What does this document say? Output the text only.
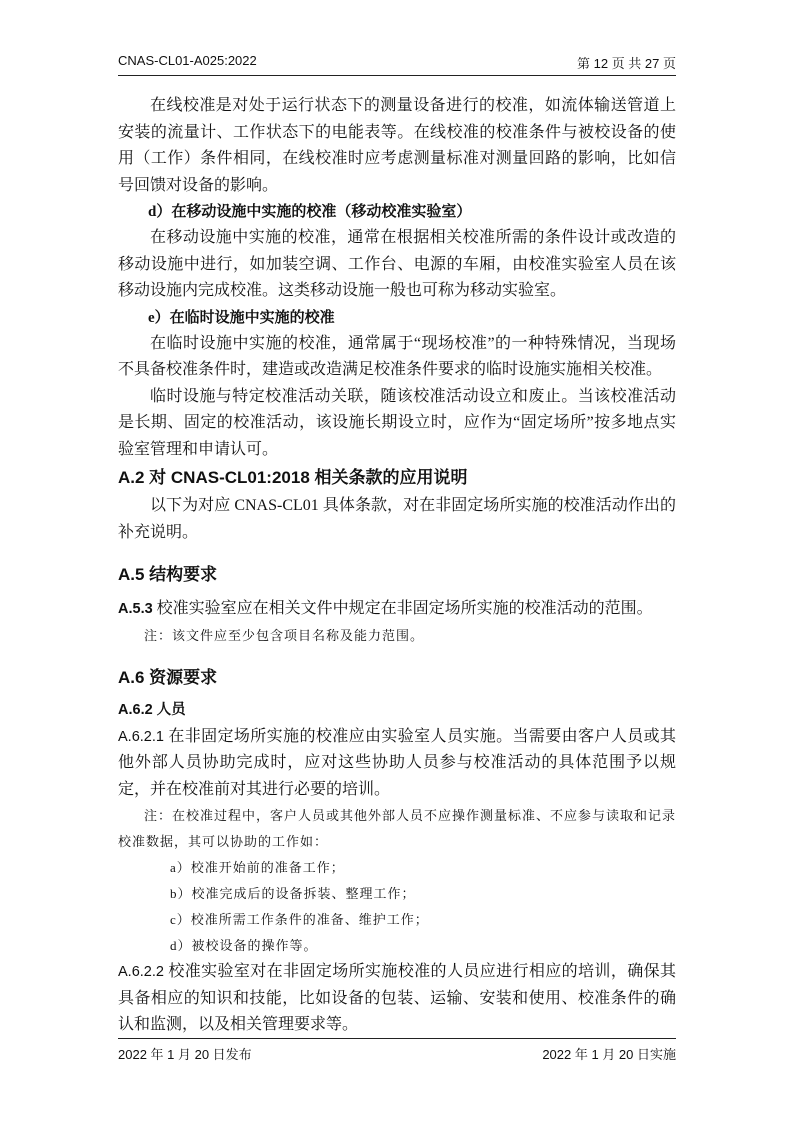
CNAS-CL01-A025:2022	第 12 页 共 27 页

在线校准是对处于运行状态下的测量设备进行的校准，如流体输送管道上安装的流量计、工作状态下的电能表等。在线校准的校准条件与被校设备的使用（工作）条件相同，在线校准时应考虑测量标准对测量回路的影响，比如信号回馈对设备的影响。

d）在移动设施中实施的校准（移动校准实验室）

在移动设施中实施的校准，通常在根据相关校准所需的条件设计或改造的移动设施中进行，如加装空调、工作台、电源的车厢，由校准实验室人员在该移动设施内完成校准。这类移动设施一般也可称为移动实验室。

e）在临时设施中实施的校准

在临时设施中实施的校准，通常属于“现场校准”的一种特殊情况，当现场不具备校准条件时，建造或改造满足校准条件要求的临时设施实施相关校准。

临时设施与特定校准活动关联，随该校准活动设立和废止。当该校准活动是长期、固定的校准活动，该设施长期设立时，应作为“固定场所”按多地点实验室管理和申请认可。

A.2 对 CNAS-CL01:2018 相关条款的应用说明

以下为对应 CNAS-CL01 具体条款，对在非固定场所实施的校准活动作出的补充说明。

A.5 结构要求

A.5.3 校准实验室应在相关文件中规定在非固定场所实施的校准活动的范围。

注：该文件应至少包含项目名称及能力范围。

A.6 资源要求

A.6.2 人员

A.6.2.1 在非固定场所实施的校准应由实验室人员实施。当需要由客户人员或其他外部人员协助完成时，应对这些协助人员参与校准活动的具体范围予以规定，并在校准前对其进行必要的培训。

注：在校准过程中，客户人员或其他外部人员不应操作测量标准、不应参与读取和记录校准数据，其可以协助的工作如：

a）校准开始前的准备工作；

b）校准完成后的设备拆装、整理工作；

c）校准所需工作条件的准备、维护工作；

d）被校设备的操作等。

A.6.2.2 校准实验室对在非固定场所实施校准的人员应进行相应的培训，确保其具备相应的知识和技能，比如设备的包装、运输、安装和使用、校准条件的确认和监测，以及相关管理要求等。

2022 年 1 月 20 日发布	2022 年 1 月 20 日实施
